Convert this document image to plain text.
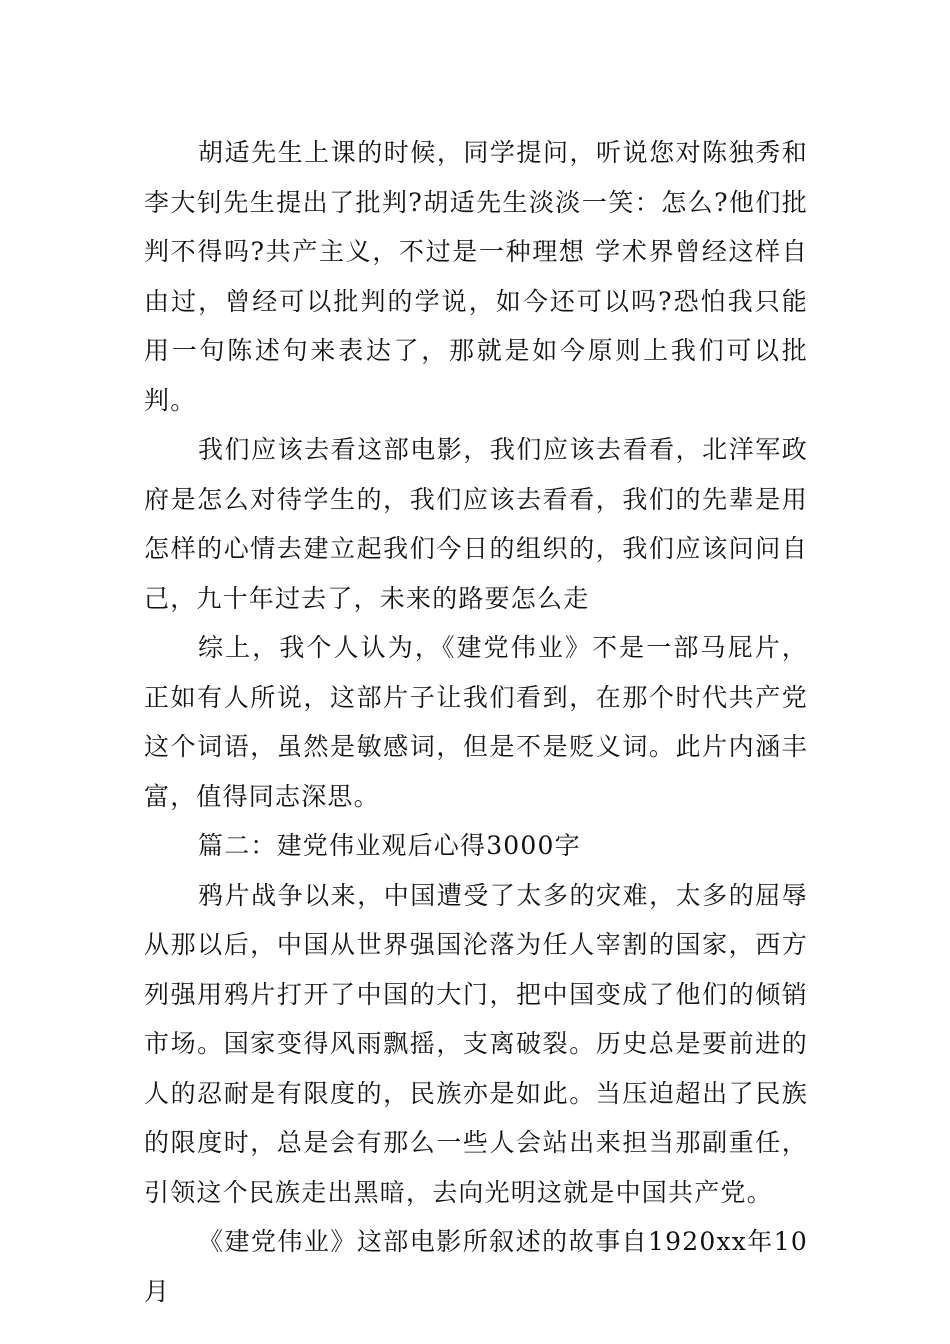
胡适先生上课的时候，同学提问，听说您对陈独秀和李大钊先生提出了批判?胡适先生淡淡一笑：怎么?他们批判不得吗?共产主义，不过是一种理想 学术界曾经这样自由过，曾经可以批判的学说，如今还可以吗?恐怕我只能用一句陈述句来表达了，那就是如今原则上我们可以批判。

我们应该去看这部电影，我们应该去看看，北洋军政府是怎么对待学生的，我们应该去看看，我们的先辈是用怎样的心情去建立起我们今日的组织的，我们应该问问自己，九十年过去了，未来的路要怎么走

综上，我个人认为，《建党伟业》不是一部马屁片，正如有人所说，这部片子让我们看到，在那个时代共产党这个词语，虽然是敏感词，但是不是贬义词。此片内涵丰富，值得同志深思。

篇二：建党伟业观后心得3000字

鸦片战争以来，中国遭受了太多的灾难，太多的屈辱从那以后，中国从世界强国沦落为任人宰割的国家，西方列强用鸦片打开了中国的大门，把中国变成了他们的倾销市场。国家变得风雨飘摇，支离破裂。历史总是要前进的人的忍耐是有限度的，民族亦是如此。当压迫超出了民族的限度时，总是会有那么一些人会站出来担当那副重任，引领这个民族走出黑暗，去向光明这就是中国共产党。

《建党伟业》这部电影所叙述的故事自1920xx年10月
